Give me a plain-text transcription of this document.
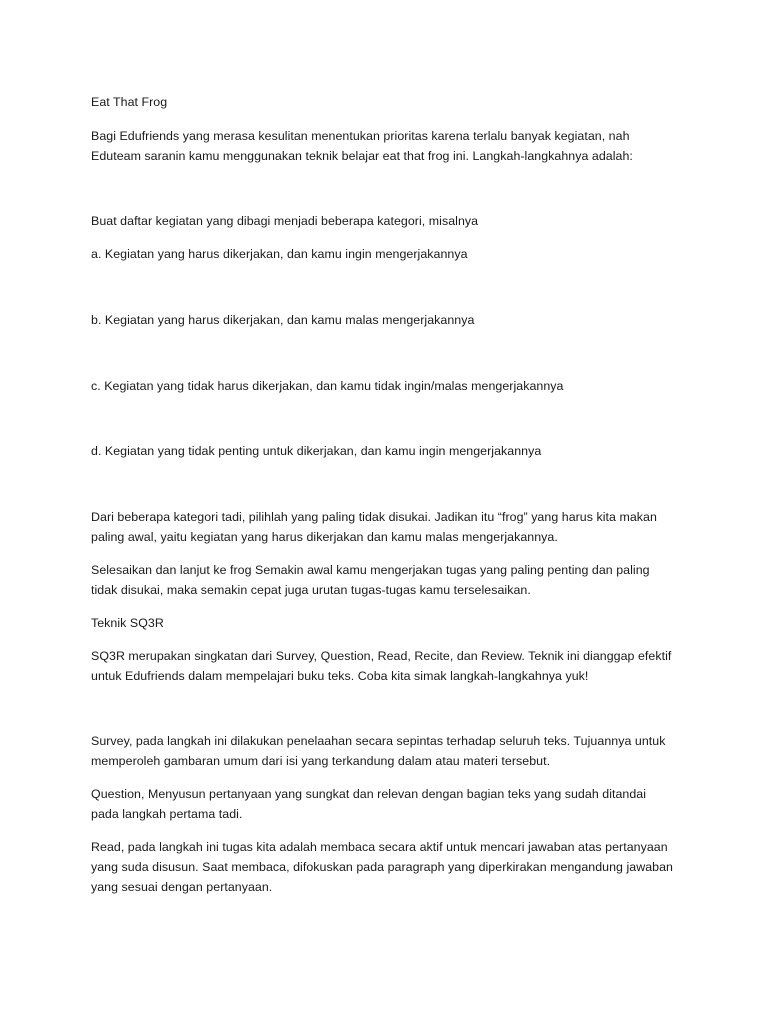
Eat That Frog

Bagi Edufriends yang merasa kesulitan menentukan prioritas karena terlalu banyak kegiatan, nah

Eduteam saranin kamu menggunakan teknik belajar eat that frog ini. Langkah-langkahnya adalah:

Buat daftar kegiatan yang dibagi menjadi beberapa kategori, misalnya

a. Kegiatan yang harus dikerjakan, dan kamu ingin mengerjakannya

b. Kegiatan yang harus dikerjakan, dan kamu malas mengerjakannya

c. Kegiatan yang tidak harus dikerjakan, dan kamu tidak ingin/malas mengerjakannya

d. Kegiatan yang tidak penting untuk dikerjakan, dan kamu ingin mengerjakannya

Dari beberapa kategori tadi, pilihlah yang paling tidak disukai. Jadikan itu “frog” yang harus kita makan

paling awal, yaitu kegiatan yang harus dikerjakan dan kamu malas mengerjakannya.

Selesaikan dan lanjut ke frog Semakin awal kamu mengerjakan tugas yang paling penting dan paling

tidak disukai, maka semakin cepat juga urutan tugas-tugas kamu terselesaikan.

Teknik SQ3R

SQ3R merupakan singkatan dari Survey, Question, Read, Recite, dan Review. Teknik ini dianggap efektif

untuk Edufriends dalam mempelajari buku teks. Coba kita simak langkah-langkahnya yuk!

Survey, pada langkah ini dilakukan penelaahan secara sepintas terhadap seluruh teks. Tujuannya untuk

memperoleh gambaran umum dari isi yang terkandung dalam atau materi tersebut.

Question, Menyusun pertanyaan yang sungkat dan relevan dengan bagian teks yang sudah ditandai

pada langkah pertama tadi.

Read, pada langkah ini tugas kita adalah membaca secara aktif untuk mencari jawaban atas pertanyaan

yang suda disusun. Saat membaca, difokuskan pada paragraph yang diperkirakan mengandung jawaban

yang sesuai dengan pertanyaan.
